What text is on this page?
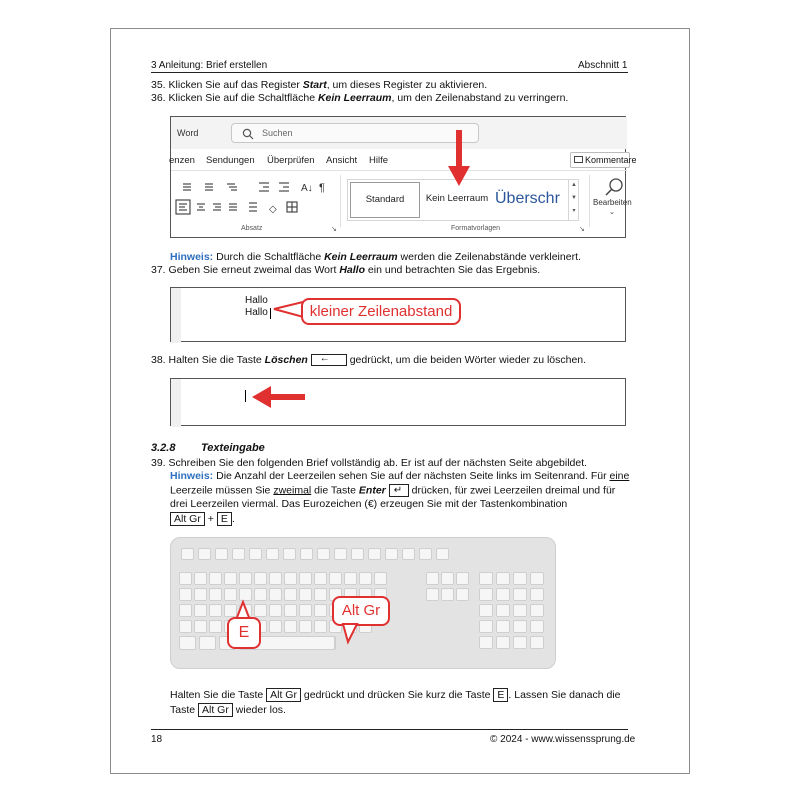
3 Anleitung: Brief erstellen	Abschnitt 1
35. Klicken Sie auf das Register Start, um dieses Register zu aktivieren.
36. Klicken Sie auf die Schaltfläche Kein Leerraum, um den Zeilenabstand zu verringern.
Word	Suchen
enzen Sendungen Überprüfen Ansicht Hilfe	Kommentare
A↓ ¶
◇
Absatz	↘
Standard	Kein Leerraum Überschr
▲
▼
▾
Formatvorlagen	↘
Bearbeiten
⌄
Hinweis: Durch die Schaltfläche Kein Leerraum werden die Zeilenabstände verkleinert.
37. Geben Sie erneut zweimal das Wort Hallo ein und betrachten Sie das Ergebnis.
Hallo
Hallo	kleiner Zeilenabstand
38. Halten Sie die Taste Löschen ← gedrückt, um die beiden Wörter wieder zu löschen.
3.2.8 Texteingabe
39. Schreiben Sie den folgenden Brief vollständig ab. Er ist auf der nächsten Seite abgebildet.
Hinweis: Die Anzahl der Leerzeilen sehen Sie auf der nächsten Seite links im Seitenrand. Für eine
Leerzeile müssen Sie zweimal die Taste Enter ↵ drücken, für zwei Leerzeilen dreimal und für
drei Leerzeilen viermal. Das Eurozeichen (€) erzeugen Sie mit der Tastenkombination
Alt Gr + E .
E
Alt Gr
Halten Sie die Taste Alt Gr gedrückt und drücken Sie kurz die Taste E . Lassen Sie danach die
Taste Alt Gr wieder los.
18	© 2024 - www.wissenssprung.de
